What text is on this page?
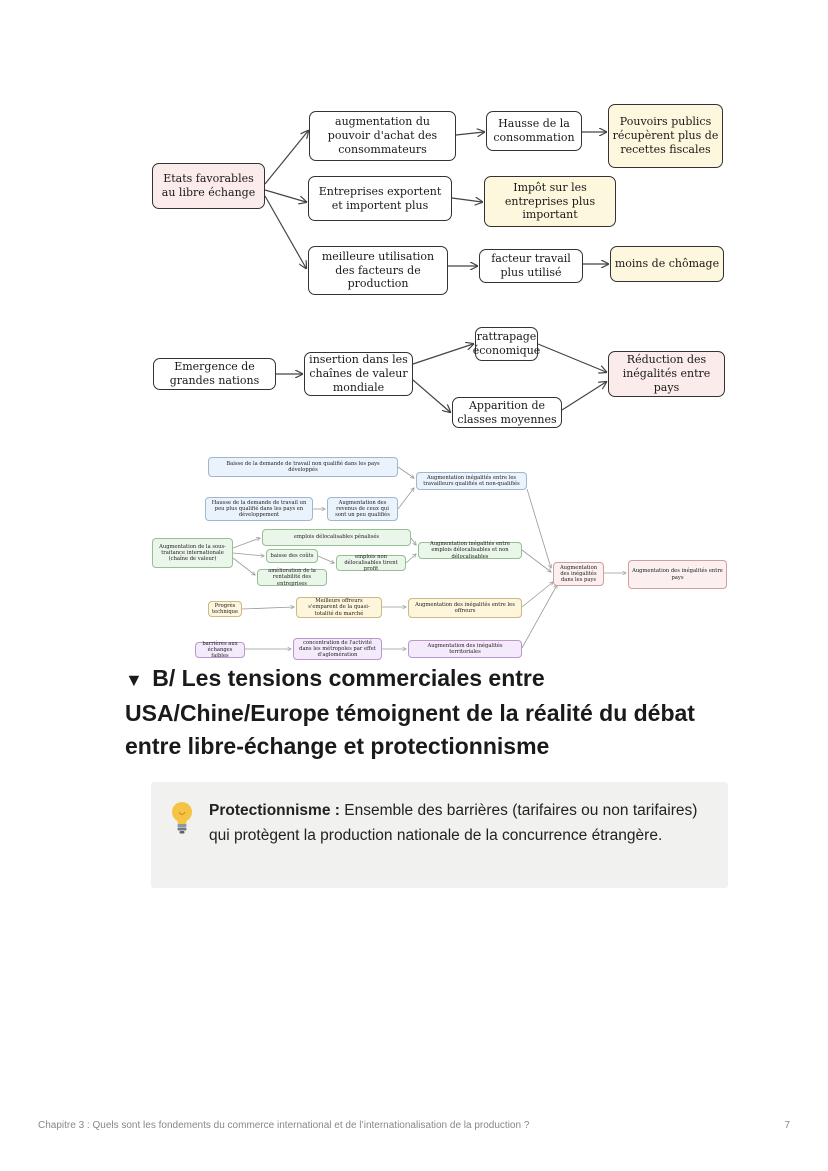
Etats favorables au libre échange
augmentation du pouvoir d'achat des consommateurs
Hausse de la consommation
Pouvoirs publics récupèrent plus de recettes fiscales
Entreprises exportent et importent plus
Impôt sur les entreprises plus important
meilleure utilisation des facteurs de production
facteur travail plus utilisé
moins de chômage
Emergence de grandes nations
insertion dans les chaînes de valeur mondiale
rattrapage économique
Apparition de classes moyennes
Réduction des inégalités entre pays
Baisse de la demande de travail non qualifié dans les pays développés
Hausse de la demande de travail un peu plus qualifié dans les pays en développement
Augmentation des revenus de ceux qui sont un peu qualifiés
Augmentation inégalités entre les travailleurs qualifiés et non-qualifiés
Augmentation de la sous-traitance internationale (chaîne de valeur)
emplois délocalisables pénalisés
baisse des coûts
amélioration de la rentabilité des entreprises
emplois non délocalisables tirent profit
Augmentation inégalités entre emplois délocalisables et non délocalisables
Progrès technique
Meilleurs offreurs s'emparent de la quasi-totalité du marché
Augmentation des inégalités entre les offreurs
barrières aux échanges faibles
concentration de l'activité dans les métropoles par effet d'aglomération
Augmentation des inégalités territoriales
Augmentation des inégalités dans les pays
Augmentation des inégalités entre pays
▼ B/ Les tensions commerciales entre USA/Chine/Europe témoignent de la réalité du débat entre libre-échange et protectionnisme
Protectionnisme : Ensemble des barrières (tarifaires ou non tarifaires) qui protègent la production nationale de la concurrence étrangère.
Chapitre 3 : Quels sont les fondements du commerce international et de l’internationalisation de la production ?	7
